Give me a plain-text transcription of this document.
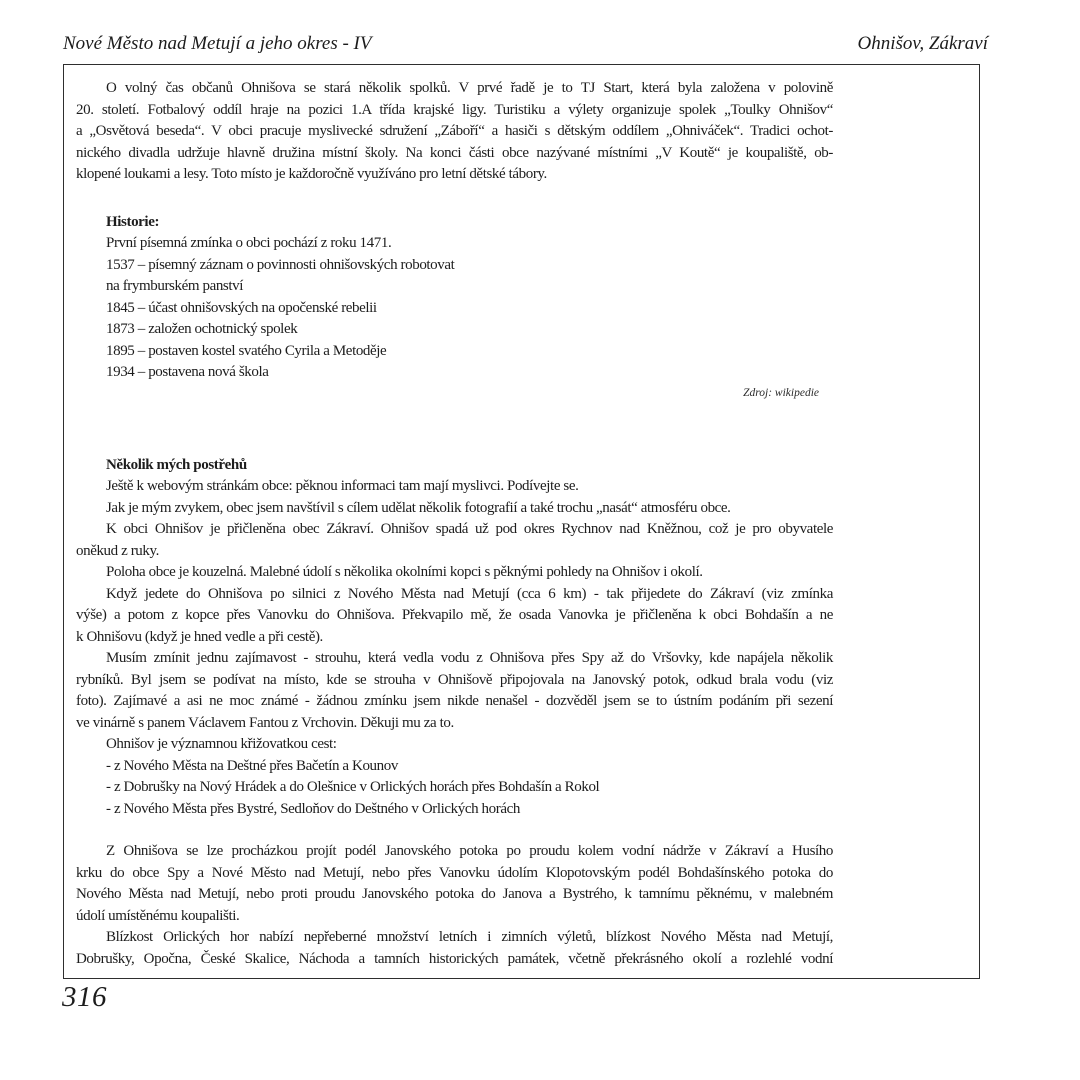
Nové Město nad Metují a jeho okres - IV	Ohnišov, Zákraví
O volný čas občanů Ohnišova se stará několik spolků. V prvé řadě je to TJ Start, která byla založena v polovině
20. století. Fotbalový oddíl hraje na pozici 1.A třída krajské ligy. Turistiku a výlety organizuje spolek „Toulky Ohnišov“
a „Osvětová beseda“. V obci pracuje myslivecké sdružení „Záboří“ a hasiči s dětským oddílem „Ohniváček“. Tradici ochot-
nického divadla udržuje hlavně družina místní školy. Na konci části obce nazývané místními „V Koutě“ je koupaliště, ob-
klopené loukami a lesy. Toto místo je každoročně využíváno pro letní dětské tábory.
Historie:
První písemná zmínka o obci pochází z roku 1471.
1537 – písemný záznam o povinnosti ohnišovských robotovat
na frymburském panství
1845 – účast ohnišovských na opočenské rebelii
1873 – založen ochotnický spolek
1895 – postaven kostel svatého Cyrila a Metoděje
1934 – postavena nová škola
Zdroj: wikipedie
Několik mých postřehů
Ještě k webovým stránkám obce: pěknou informaci tam mají myslivci. Podívejte se.
Jak je mým zvykem, obec jsem navštívil s cílem udělat několik fotografií a také trochu „nasát“ atmosféru obce.
K obci Ohnišov je přičleněna obec Zákraví. Ohnišov spadá už pod okres Rychnov nad Kněžnou, což je pro obyvatele
oněkud z ruky.
Poloha obce je kouzelná. Malebné údolí s několika okolními kopci s pěknými pohledy na Ohnišov i okolí.
Když jedete do Ohnišova po silnici z Nového Města nad Metují (cca 6 km) - tak přijedete do Zákraví (viz zmínka
výše) a potom z kopce přes Vanovku do Ohnišova. Překvapilo mě, že osada Vanovka je přičleněna k obci Bohdašín a ne
k Ohnišovu (když je hned vedle a při cestě).
Musím zmínit jednu zajímavost - strouhu, která vedla vodu z Ohnišova přes Spy až do Vršovky, kde napájela několik
rybníků. Byl jsem se podívat na místo, kde se strouha v Ohnišově připojovala na Janovský potok, odkud brala vodu (viz
foto). Zajímavé a asi ne moc známé - žádnou zmínku jsem nikde nenašel - dozvěděl jsem se to ústním podáním při sezení
ve vinárně s panem Václavem Fantou z Vrchovin. Děkuji mu za to.
Ohnišov je významnou křižovatkou cest:
- z Nového Města na Deštné přes Bačetín a Kounov
- z Dobrušky na Nový Hrádek a do Olešnice v Orlických horách přes Bohdašín a Rokol
- z Nového Města přes Bystré, Sedloňov do Deštného v Orlických horách
Z Ohnišova se lze procházkou projít podél Janovského potoka po proudu kolem vodní nádrže v Zákraví a Husího
krku do obce Spy a Nové Město nad Metují, nebo přes Vanovku údolím Klopotovským podél Bohdašínského potoka do
Nového Města nad Metují, nebo proti proudu Janovského potoka do Janova a Bystrého, k tamnímu pěknému, v malebném
údolí umístěnému koupališti.
Blízkost Orlických hor nabízí nepřeberné množství letních i zimních výletů, blízkost Nového Města nad Metují,
Dobrušky, Opočna, České Skalice, Náchoda a tamních historických památek, včetně překrásného okolí a rozlehlé vodní
316
